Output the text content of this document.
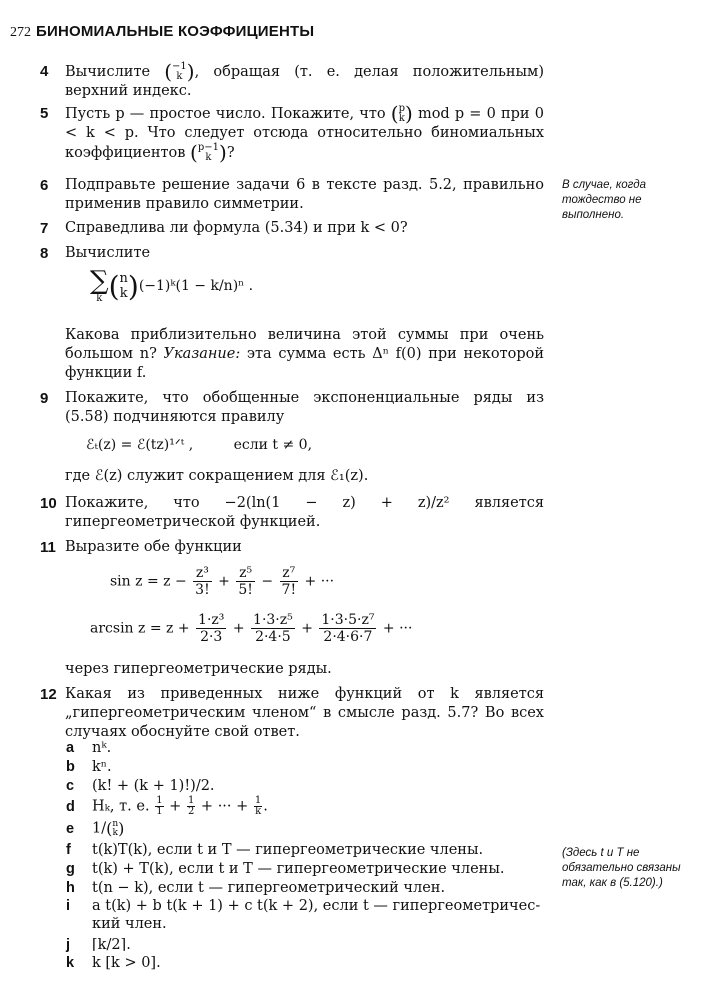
272 БИНОМИАЛЬНЫЕ КОЭФФИЦИЕНТЫ
4	Вычислите (−1
k ), обращая (т. е. делая положительным) верхний индекс.
5	Пусть p — простое число. Покажите, что (p
k) mod p = 0 при 0 < k < p. Что следует отсюда относительно биномиальных коэффициентов (p−1
k )?
6	Подправьте решение задачи 6 в тексте разд. 5.2, правильно применив правило симметрии.
В случае, когда тождество не выполнено.
7	Справедлива ли формула (5.34) и при k < 0?
8	Вычислите
∑
k (n
k)(−1)ᵏ(1 − k/n)ⁿ .
Какова приблизительно величина этой суммы при очень большом n? Указание: эта сумма есть Δⁿ f(0) при некоторой функции f.
9	Покажите, что обобщенные экспоненциальные ряды из (5.58) подчиняются правилу
ℰₜ(z) = ℰ(tz)¹ᐟᵗ ,	если t ≠ 0,
где ℰ(z) служит сокращением для ℰ₁(z).
10 Покажите, что −2(ln(1 − z) + z)/z² является гипергеометрической функцией.
11 Выразите обе функции
$\sin z = z - \frac{\text{z³}}{3!} + \frac{\text{z⁵}}{5!} - \frac{\text{z⁷}}{7!}$ + ···
$\arcsin z = z + \frac{\text{1·z³}}{2\cdot 3} + \frac{\text{1·3·z⁵}}{2\cdot 4\cdot 5} + \frac{\text{1·3·5·z⁷}}{2\cdot 4\cdot 6\cdot 7}$ + ···
через гипергеометрические ряды.
12 Какая из приведенных ниже функций от k является „гипергеометрическим членом“ в смысле разд. 5.7? Во всех случаях обоснуйте свой ответ.
a nᵏ.
b kⁿ.
c (k! + (k + 1)!)/2.
d Hₖ, т. е. $\frac{1}{1} + \frac{1}{2}$ + ··· + $\frac{1}{k}$ .
e 1/(n
k)
f t(k)T(k), если t и T — гипергеометрические члены.
g t(k) + T(k), если t и T — гипергеометрические члены.
h t(n − k), если t — гипергеометрический член.
i a t(k) + b t(k + 1) + c t(k + 2), если t — гипергеометричес-
кий член.
j ⌈k/2⌉.
k k [k > 0].
(Здесь t и T не обязательно связаны так, как в (5.120).)
